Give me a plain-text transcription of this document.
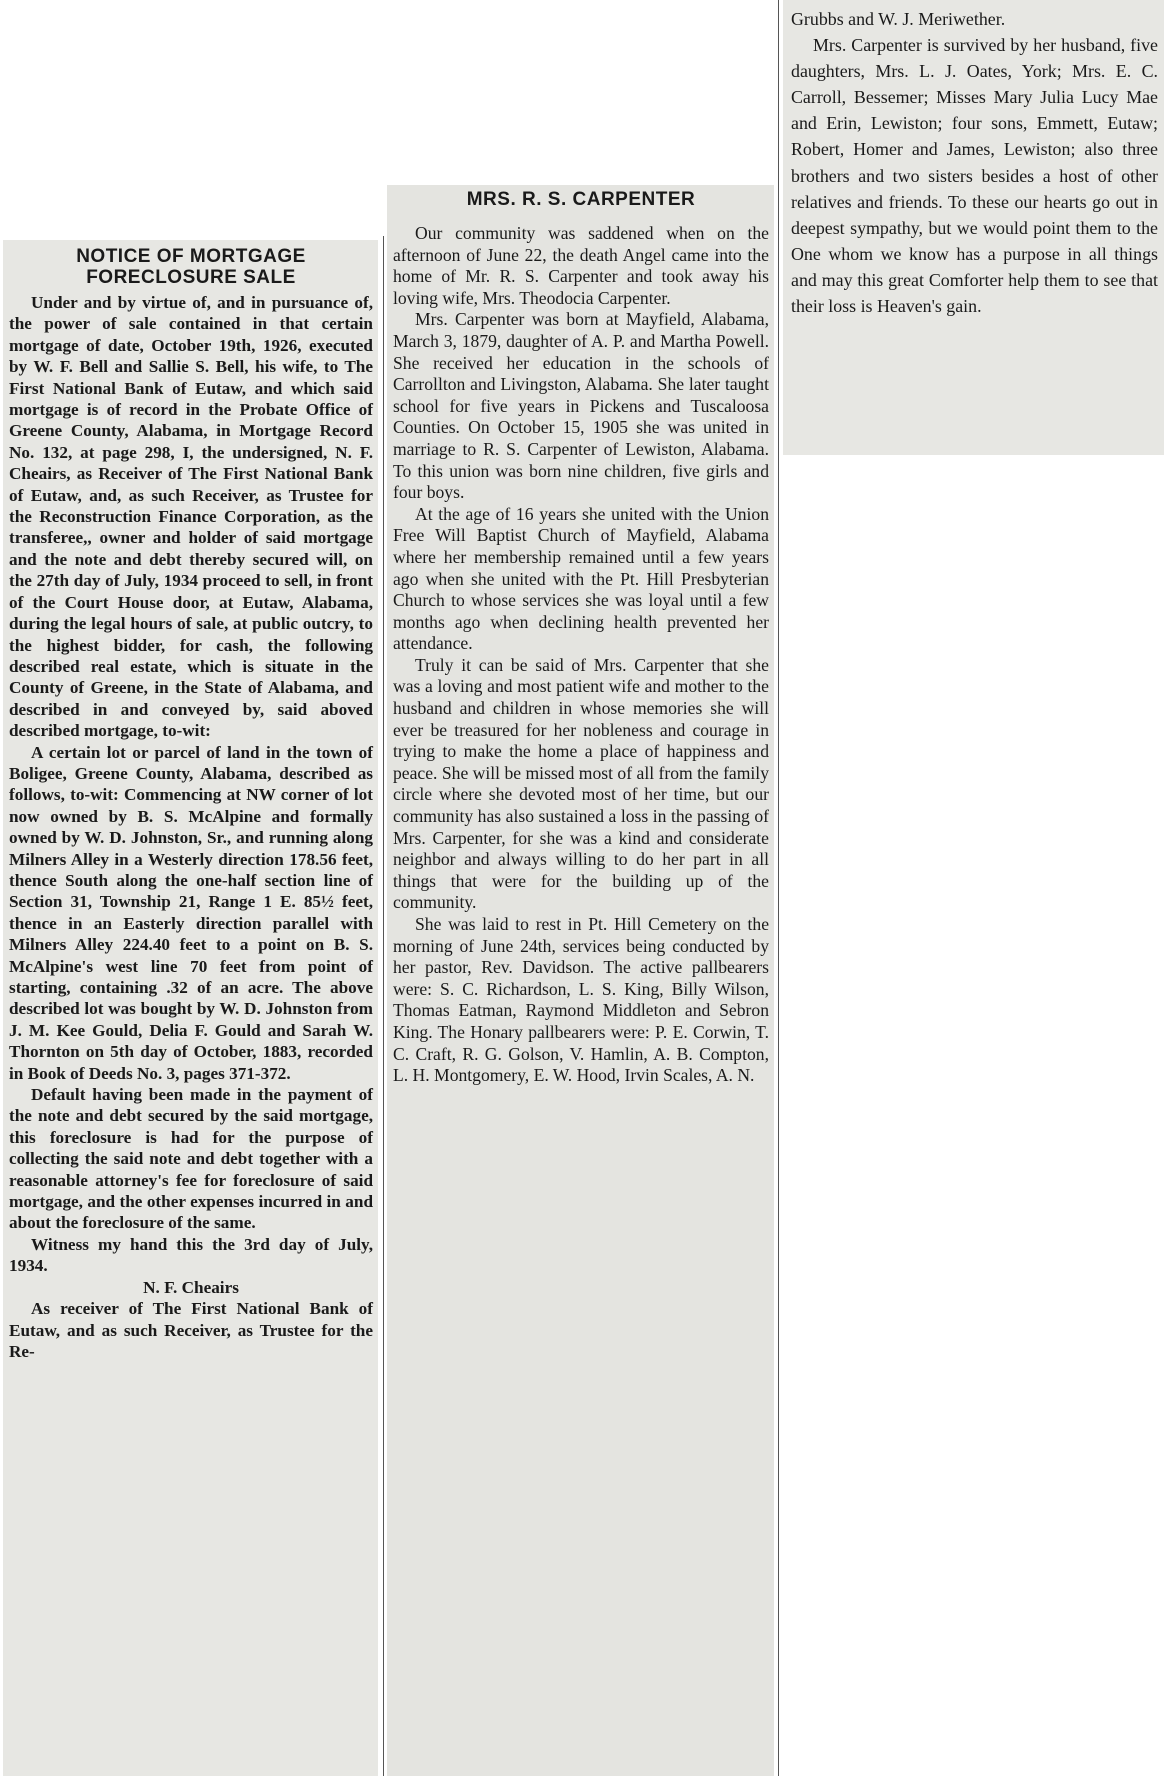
NOTICE OF MORTGAGE FORECLOSURE SALE

Under and by virtue of, and in pursuance of, the power of sale contained in that certain mortgage of date, October 19th, 1926, executed by W. F. Bell and Sallie S. Bell, his wife, to The First National Bank of Eutaw, and which said mortgage is of record in the Probate Office of Greene County, Alabama, in Mortgage Record No. 132, at page 298, I, the undersigned, N. F. Cheairs, as Receiver of The First National Bank of Eutaw, and, as such Receiver, as Trustee for the Reconstruction Finance Corporation, as the transferee,, owner and holder of said mortgage and the note and debt thereby secured will, on the 27th day of July, 1934 proceed to sell, in front of the Court House door, at Eutaw, Alabama, during the legal hours of sale, at public outcry, to the highest bidder, for cash, the following described real estate, which is situate in the County of Greene, in the State of Alabama, and described in and conveyed by, said aboved described mortgage, to-wit:

A certain lot or parcel of land in the town of Boligee, Greene County, Alabama, described as follows, to-wit: Commencing at NW corner of lot now owned by B. S. McAlpine and formally owned by W. D. Johnston, Sr., and running along Milners Alley in a Westerly direction 178.56 feet, thence South along the one-half section line of Section 31, Township 21, Range 1 E. 85½ feet, thence in an Easterly direction parallel with Milners Alley 224.40 feet to a point on B. S. McAlpine's west line 70 feet from point of starting, containing .32 of an acre. The above described lot was bought by W. D. Johnston from J. M. Kee Gould, Delia F. Gould and Sarah W. Thornton on 5th day of October, 1883, recorded in Book of Deeds No. 3, pages 371-372.

Default having been made in the payment of the note and debt secured by the said mortgage, this foreclosure is had for the purpose of collecting the said note and debt together with a reasonable attorney's fee for foreclosure of said mortgage, and the other expenses incurred in and about the foreclosure of the same.

Witness my hand this the 3rd day of July, 1934.

N. F. Cheairs

As receiver of The First National Bank of Eutaw, and as such Receiver, as Trustee for the Re-

MRS. R. S. CARPENTER

Our community was saddened when on the afternoon of June 22, the death Angel came into the home of Mr. R. S. Carpenter and took away his loving wife, Mrs. Theodocia Carpenter.

Mrs. Carpenter was born at Mayfield, Alabama, March 3, 1879, daughter of A. P. and Martha Powell. She received her education in the schools of Carrollton and Livingston, Alabama. She later taught school for five years in Pickens and Tuscaloosa Counties. On October 15, 1905 she was united in marriage to R. S. Carpenter of Lewiston, Alabama. To this union was born nine children, five girls and four boys.

At the age of 16 years she united with the Union Free Will Baptist Church of Mayfield, Alabama where her membership remained until a few years ago when she united with the Pt. Hill Presbyterian Church to whose services she was loyal until a few months ago when declining health prevented her attendance.

Truly it can be said of Mrs. Carpenter that she was a loving and most patient wife and mother to the husband and children in whose memories she will ever be treasured for her nobleness and courage in trying to make the home a place of happiness and peace. She will be missed most of all from the family circle where she devoted most of her time, but our community has also sustained a loss in the passing of Mrs. Carpenter, for she was a kind and considerate neighbor and always willing to do her part in all things that were for the building up of the community.

She was laid to rest in Pt. Hill Cemetery on the morning of June 24th, services being conducted by her pastor, Rev. Davidson. The active pallbearers were: S. C. Richardson, L. S. King, Billy Wilson, Thomas Eatman, Raymond Middleton and Sebron King. The Honary pallbearers were: P. E. Corwin, T. C. Craft, R. G. Golson, V. Hamlin, A. B. Compton, L. H. Montgomery, E. W. Hood, Irvin Scales, A. N.

Grubbs and W. J. Meriwether.

Mrs. Carpenter is survived by her husband, five daughters, Mrs. L. J. Oates, York; Mrs. E. C. Carroll, Bessemer; Misses Mary Julia Lucy Mae and Erin, Lewiston; four sons, Emmett, Eutaw; Robert, Homer and James, Lewiston; also three brothers and two sisters besides a host of other relatives and friends. To these our hearts go out in deepest sympathy, but we would point them to the One whom we know has a purpose in all things and may this great Comforter help them to see that their loss is Heaven's gain.
